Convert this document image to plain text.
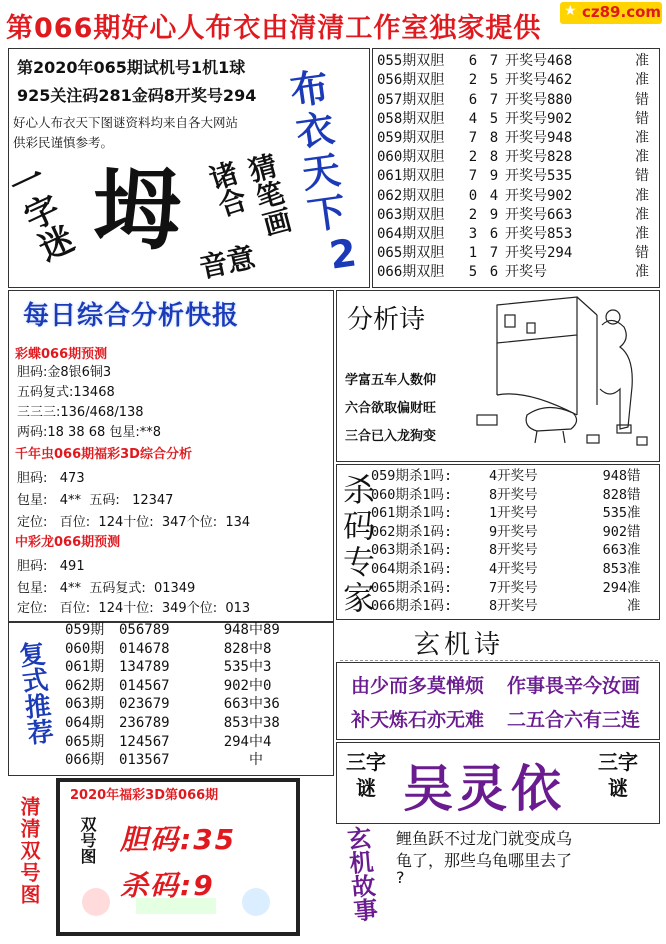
第066期好心人布衣由清清工作室独家提供
★ cz89.com
第2020年065期试机号1机1球
925关注码281金码8开奖号294
好心人布衣天下图谜资料均来自各大网站
供彩民谨慎参考。
一字迷 坶 诸合
猜笔画
音意
布衣天下
2
055期双胆	6	7	开奖号468	准
056期双胆	2	5	开奖号462	准
057期双胆	6	7	开奖号880	错
058期双胆	4	5	开奖号902	错
059期双胆	7	8	开奖号948	准
060期双胆	2	8	开奖号828	准
061期双胆	7	9	开奖号535	错
062期双胆	0	4	开奖号902	准
063期双胆	2	9	开奖号663	准
064期双胆	3	6	开奖号853	准
065期双胆	1	7	开奖号294	错
066期双胆	5	6	开奖号	准
每日综合分析快报
彩蝶066期预测
胆码:金8银6铜3
五码复式:13468
三三三:136/468/138
两码:18 38 68 包星:**8
千年虫066期福彩3D综合分析
胆码:   473
包星:   4**  五码:   12347
定位:   百位:  124十位:  347个位:  134
中彩龙066期预测
胆码:   491
包星:   4**  五码复式:  01349
定位:   百位:  124十位:  349个位:  013
分析诗
学富五车人数仰
六合欲取偏财旺
三合已入龙狗变
杀码专家
059期杀1吗:	4开奖号	948	错
060期杀1吗:	8开奖号	828	错
061期杀1吗:	1开奖号	535	准
062期杀1码:	9开奖号	902	错
063期杀1码:	8开奖号	663	准
064期杀1码:	4开奖号	853	准
065期杀1码:	7开奖号	294	准
066期杀1码:	8开奖号		准
复式推荐
059期	056789	948	中89
060期	014678	828	中8
061期	134789	535	中3
062期	014567	902	中0
063期	023679	663	中36
064期	236789	853	中38
065期	124567	294	中4
066期	013567		中
玄机诗
由少而多莫惮烦 作事畏辛今汝画
补天炼石亦无难 二五合六有三连
三字谜 吴灵依 三字谜
清清双号图
2020年福彩3D第066期
双号图 胆码:35
杀码:9	玄机故事 鲤鱼跃不过龙门就变成乌
龟了，那些乌龟哪里去了
?
